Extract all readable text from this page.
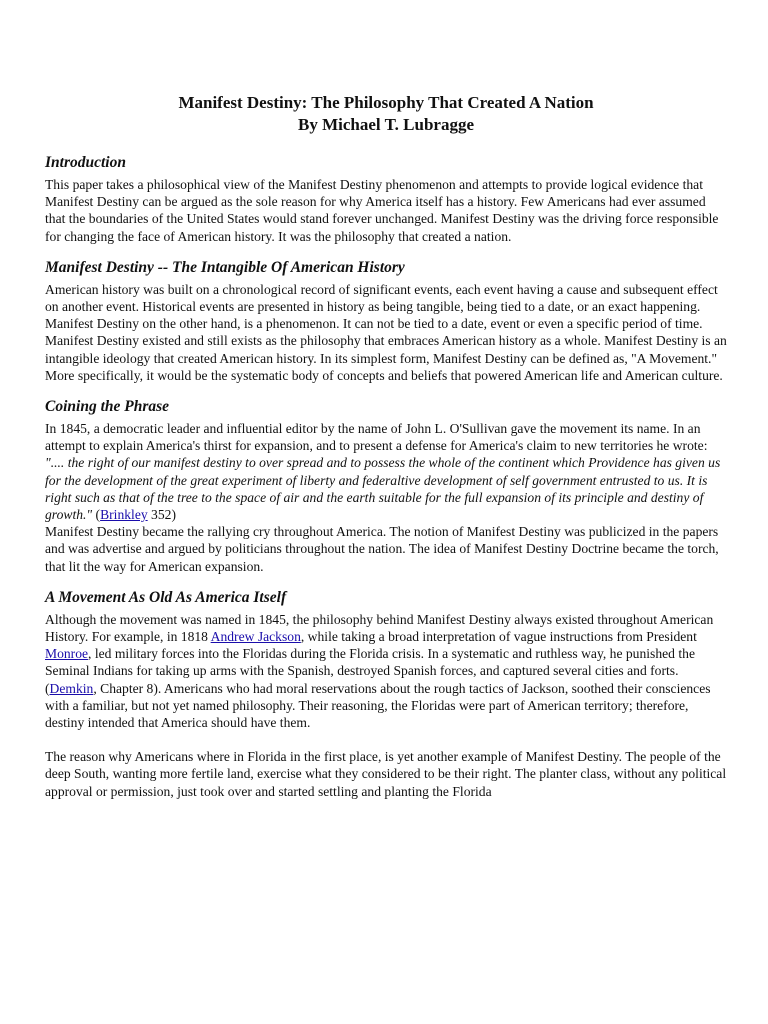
Manifest Destiny: The Philosophy That Created A Nation
By Michael T. Lubragge
Introduction

This paper takes a philosophical view of the Manifest Destiny phenomenon and attempts to provide logical evidence that Manifest Destiny can be argued as the sole reason for why America itself has a history. Few Americans had ever assumed that the boundaries of the United States would stand forever unchanged. Manifest Destiny was the driving force responsible for changing the face of American history. It was the philosophy that created a nation.

Manifest Destiny -- The Intangible Of American History

American history was built on a chronological record of significant events, each event having a cause and subsequent effect on another event. Historical events are presented in history as being tangible, being tied to a date, or an exact happening. Manifest Destiny on the other hand, is a phenomenon. It can not be tied to a date, event or even a specific period of time. Manifest Destiny existed and still exists as the philosophy that embraces American history as a whole. Manifest Destiny is an intangible ideology that created American history. In its simplest form, Manifest Destiny can be defined as, "A Movement." More specifically, it would be the systematic body of concepts and beliefs that powered American life and American culture.

Coining the Phrase

In 1845, a democratic leader and influential editor by the name of John L. O'Sullivan gave the movement its name. In an attempt to explain America's thirst for expansion, and to present a defense for America's claim to new territories he wrote:

".... the right of our manifest destiny to over spread and to possess the whole of the continent which Providence has given us for the development of the great experiment of liberty and federaltive development of self government entrusted to us. It is right such as that of the tree to the space of air and the earth suitable for the full expansion of its principle and destiny of growth." (Brinkley 352)

Manifest Destiny became the rallying cry throughout America. The notion of Manifest Destiny was publicized in the papers and was advertise and argued by politicians throughout the nation. The idea of Manifest Destiny Doctrine became the torch, that lit the way for American expansion.

A Movement As Old As America Itself

Although the movement was named in 1845, the philosophy behind Manifest Destiny always existed throughout American History. For example, in 1818 Andrew Jackson, while taking a broad interpretation of vague instructions from President Monroe, led military forces into the Floridas during the Florida crisis. In a systematic and ruthless way, he punished the Seminal Indians for taking up arms with the Spanish, destroyed Spanish forces, and captured several cities and forts. (Demkin, Chapter 8). Americans who had moral reservations about the rough tactics of Jackson, soothed their consciences with a familiar, but not yet named philosophy. Their reasoning, the Floridas were part of American territory; therefore, destiny intended that America should have them.

The reason why Americans where in Florida in the first place, is yet another example of Manifest Destiny. The people of the deep South, wanting more fertile land, exercise what they considered to be their right. The planter class, without any political approval or permission, just took over and started settling and planting the Florida
